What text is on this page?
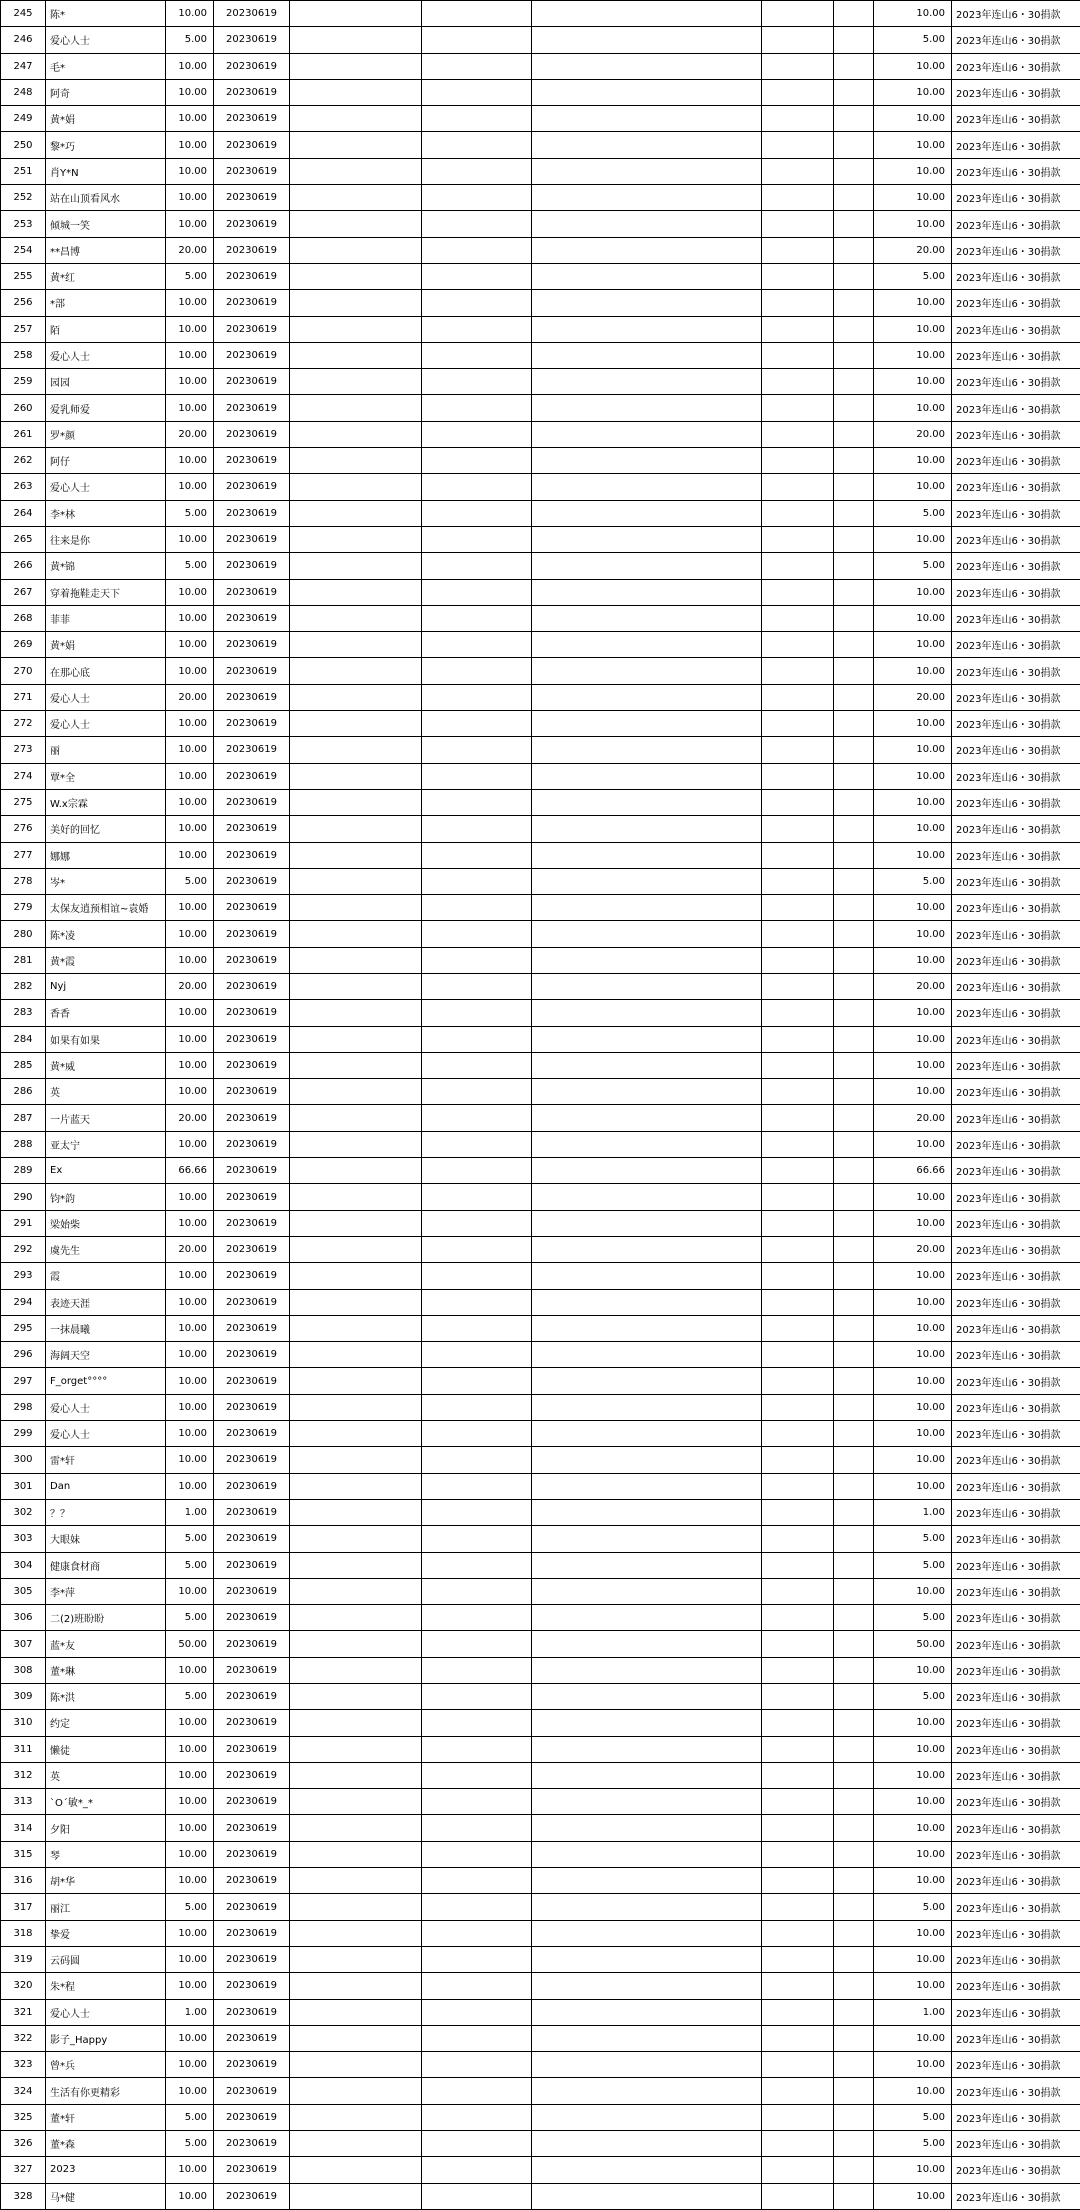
245	陈*	10.00	20230619						10.00	2023年连山6・30捐款
246	爱心人士	5.00	20230619						5.00	2023年连山6・30捐款
247	毛*	10.00	20230619						10.00	2023年连山6・30捐款
248	阿奇	10.00	20230619						10.00	2023年连山6・30捐款
249	黄*娟	10.00	20230619						10.00	2023年连山6・30捐款
250	黎*巧	10.00	20230619						10.00	2023年连山6・30捐款
251	肖Y*N	10.00	20230619						10.00	2023年连山6・30捐款
252	站在山顶看风水	10.00	20230619						10.00	2023年连山6・30捐款
253	倾城一笑	10.00	20230619						10.00	2023年连山6・30捐款
254	**昌博	20.00	20230619						20.00	2023年连山6・30捐款
255	黄*红	5.00	20230619						5.00	2023年连山6・30捐款
256	*部	10.00	20230619						10.00	2023年连山6・30捐款
257	陌	10.00	20230619						10.00	2023年连山6・30捐款
258	爱心人士	10.00	20230619						10.00	2023年连山6・30捐款
259	园园	10.00	20230619						10.00	2023年连山6・30捐款
260	爱乳师爱	10.00	20230619						10.00	2023年连山6・30捐款
261	罗*颜	20.00	20230619						20.00	2023年连山6・30捐款
262	阿仔	10.00	20230619						10.00	2023年连山6・30捐款
263	爱心人士	10.00	20230619						10.00	2023年连山6・30捐款
264	李*林	5.00	20230619						5.00	2023年连山6・30捐款
265	往来是你	10.00	20230619						10.00	2023年连山6・30捐款
266	黄*锦	5.00	20230619						5.00	2023年连山6・30捐款
267	穿着拖鞋走天下	10.00	20230619						10.00	2023年连山6・30捐款
268	菲菲	10.00	20230619						10.00	2023年连山6・30捐款
269	黄*娟	10.00	20230619						10.00	2023年连山6・30捐款
270	在那心底	10.00	20230619						10.00	2023年连山6・30捐款
271	爱心人士	20.00	20230619						20.00	2023年连山6・30捐款
272	爱心人士	10.00	20230619						10.00	2023年连山6・30捐款
273	丽	10.00	20230619						10.00	2023年连山6・30捐款
274	覃*全	10.00	20230619						10.00	2023年连山6・30捐款
275	W.x宗霖	10.00	20230619						10.00	2023年连山6・30捐款
276	美好的回忆	10.00	20230619						10.00	2023年连山6・30捐款
277	娜娜	10.00	20230619						10.00	2023年连山6・30捐款
278	岑*	5.00	20230619						5.00	2023年连山6・30捐款
279	太保友逍预相谊~袁婚	10.00	20230619						10.00	2023年连山6・30捐款
280	陈*凌	10.00	20230619						10.00	2023年连山6・30捐款
281	黄*霞	10.00	20230619						10.00	2023年连山6・30捐款
282	Nyj	20.00	20230619						20.00	2023年连山6・30捐款
283	香香	10.00	20230619						10.00	2023年连山6・30捐款
284	如果有如果	10.00	20230619						10.00	2023年连山6・30捐款
285	黄*威	10.00	20230619						10.00	2023年连山6・30捐款
286	英	10.00	20230619						10.00	2023年连山6・30捐款
287	一片蓝天	20.00	20230619						20.00	2023年连山6・30捐款
288	亚太宁	10.00	20230619						10.00	2023年连山6・30捐款
289	Ex	66.66	20230619						66.66	2023年连山6・30捐款
290	钧*韵	10.00	20230619						10.00	2023年连山6・30捐款
291	梁始柴	10.00	20230619						10.00	2023年连山6・30捐款
292	虞先生	20.00	20230619						20.00	2023年连山6・30捐款
293	霞	10.00	20230619						10.00	2023年连山6・30捐款
294	表迹天涯	10.00	20230619						10.00	2023年连山6・30捐款
295	一抹晨曦	10.00	20230619						10.00	2023年连山6・30捐款
296	海阔天空	10.00	20230619						10.00	2023年连山6・30捐款
297	F_orget°°°°	10.00	20230619						10.00	2023年连山6・30捐款
298	爱心人士	10.00	20230619						10.00	2023年连山6・30捐款
299	爱心人士	10.00	20230619						10.00	2023年连山6・30捐款
300	雷*轩	10.00	20230619						10.00	2023年连山6・30捐款
301	Dan	10.00	20230619						10.00	2023年连山6・30捐款
302	？？	1.00	20230619						1.00	2023年连山6・30捐款
303	大眼妹	5.00	20230619						5.00	2023年连山6・30捐款
304	健康食材商	5.00	20230619						5.00	2023年连山6・30捐款
305	李*萍	10.00	20230619						10.00	2023年连山6・30捐款
306	二(2)班盼盼	5.00	20230619						5.00	2023年连山6・30捐款
307	蓝*友	50.00	20230619						50.00	2023年连山6・30捐款
308	董*琳	10.00	20230619						10.00	2023年连山6・30捐款
309	陈*洪	5.00	20230619						5.00	2023年连山6・30捐款
310	约定	10.00	20230619						10.00	2023年连山6・30捐款
311	懒徒	10.00	20230619						10.00	2023年连山6・30捐款
312	英	10.00	20230619						10.00	2023年连山6・30捐款
313	`O´敏*_*	10.00	20230619						10.00	2023年连山6・30捐款
314	夕阳	10.00	20230619						10.00	2023年连山6・30捐款
315	琴	10.00	20230619						10.00	2023年连山6・30捐款
316	胡*华	10.00	20230619						10.00	2023年连山6・30捐款
317	丽江	5.00	20230619						5.00	2023年连山6・30捐款
318	挚爱	10.00	20230619						10.00	2023年连山6・30捐款
319	云码圆	10.00	20230619						10.00	2023年连山6・30捐款
320	朱*程	10.00	20230619						10.00	2023年连山6・30捐款
321	爱心人士	1.00	20230619						1.00	2023年连山6・30捐款
322	影子_Happy	10.00	20230619						10.00	2023年连山6・30捐款
323	曾*兵	10.00	20230619						10.00	2023年连山6・30捐款
324	生活有你更精彩	10.00	20230619						10.00	2023年连山6・30捐款
325	董*轩	5.00	20230619						5.00	2023年连山6・30捐款
326	董*森	5.00	20230619						5.00	2023年连山6・30捐款
327	2023	10.00	20230619						10.00	2023年连山6・30捐款
328	马*健	10.00	20230619						10.00	2023年连山6・30捐款
